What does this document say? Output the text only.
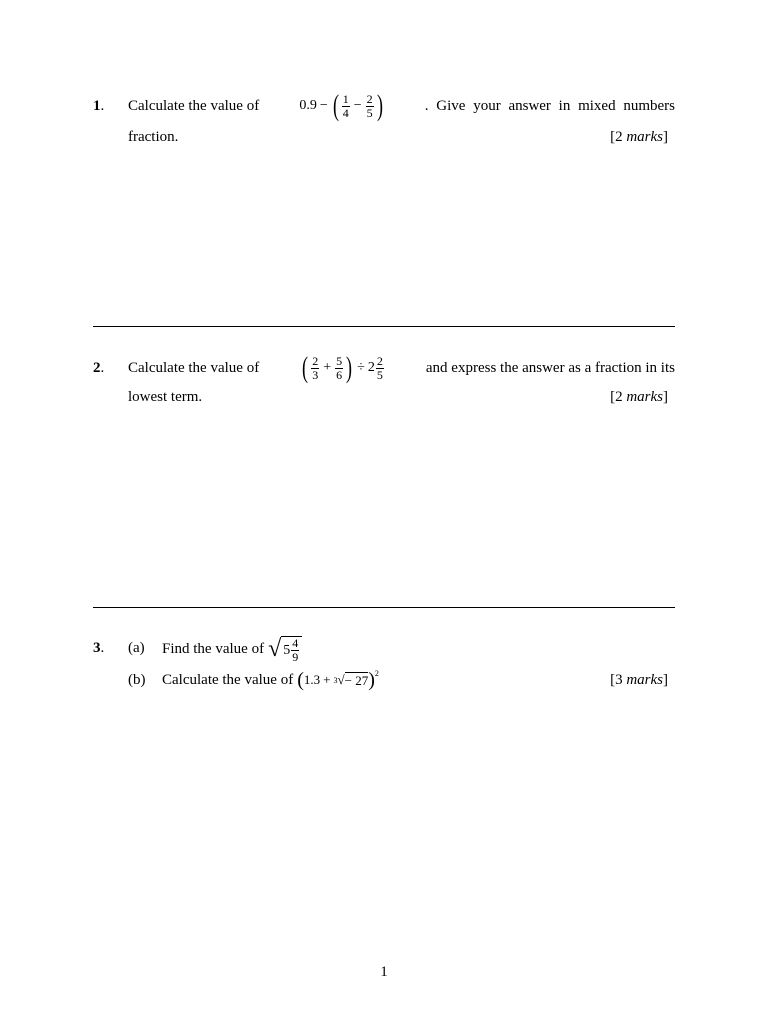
1. Calculate the value of	0.9 − ( $\frac{1}{4} - \frac{2}{5}$ )	. Give your answer in mixed numbers
fraction.	[2 marks]
2. Calculate the value of ( $\frac{2}{3} + \frac{5}{6}$ ) ÷ $2 \frac{2}{5}$	and express the answer as a fraction in its
lowest term.	[2 marks]
3. (a) Find the value of √ $5 \frac{4}{9}$
(b) Calculate the value of ( 1.3 + 3 √ − 27 )$^2$	[3 marks]
1
